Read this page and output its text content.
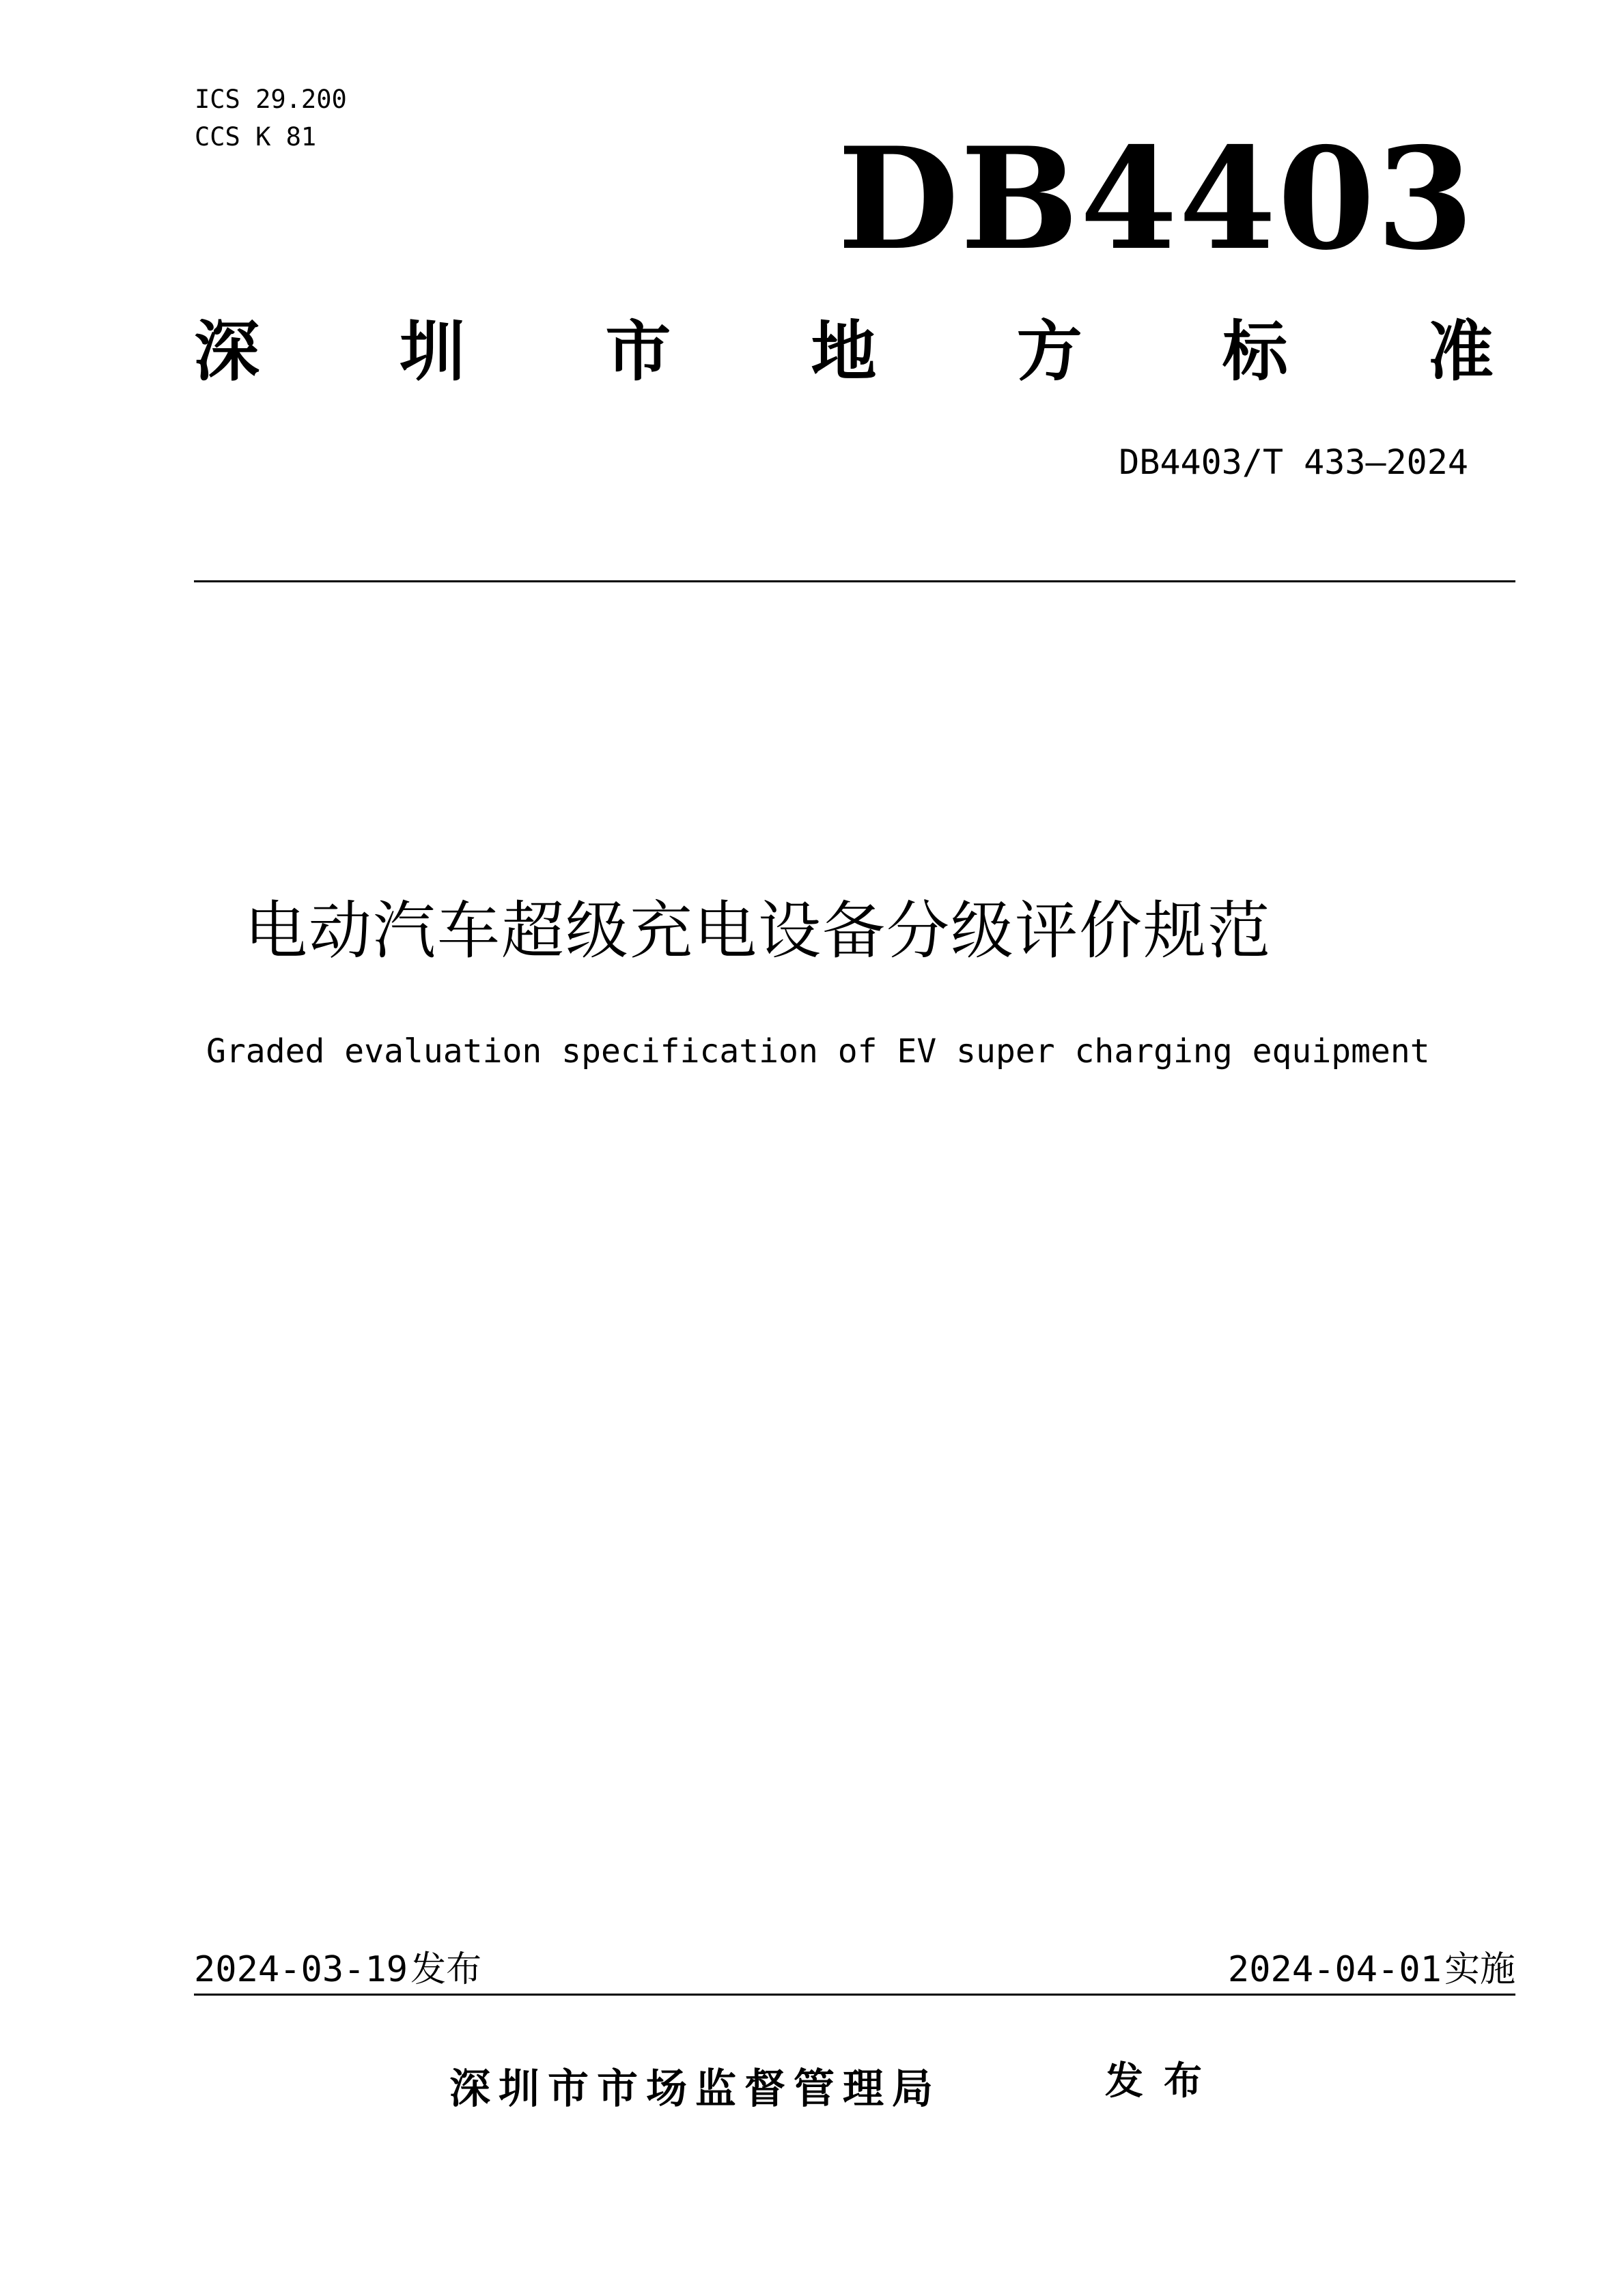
ICS 29.200
CCS K 81	DB4403
深 圳 市 地 方 标 准
DB4403/T 433—2024
电动汽车超级充电设备分级评价规范
Graded evaluation specification of EV super charging equipment
2024-03-19 发布	2024-04-01 实施
深圳市市场监督管理局	发布
